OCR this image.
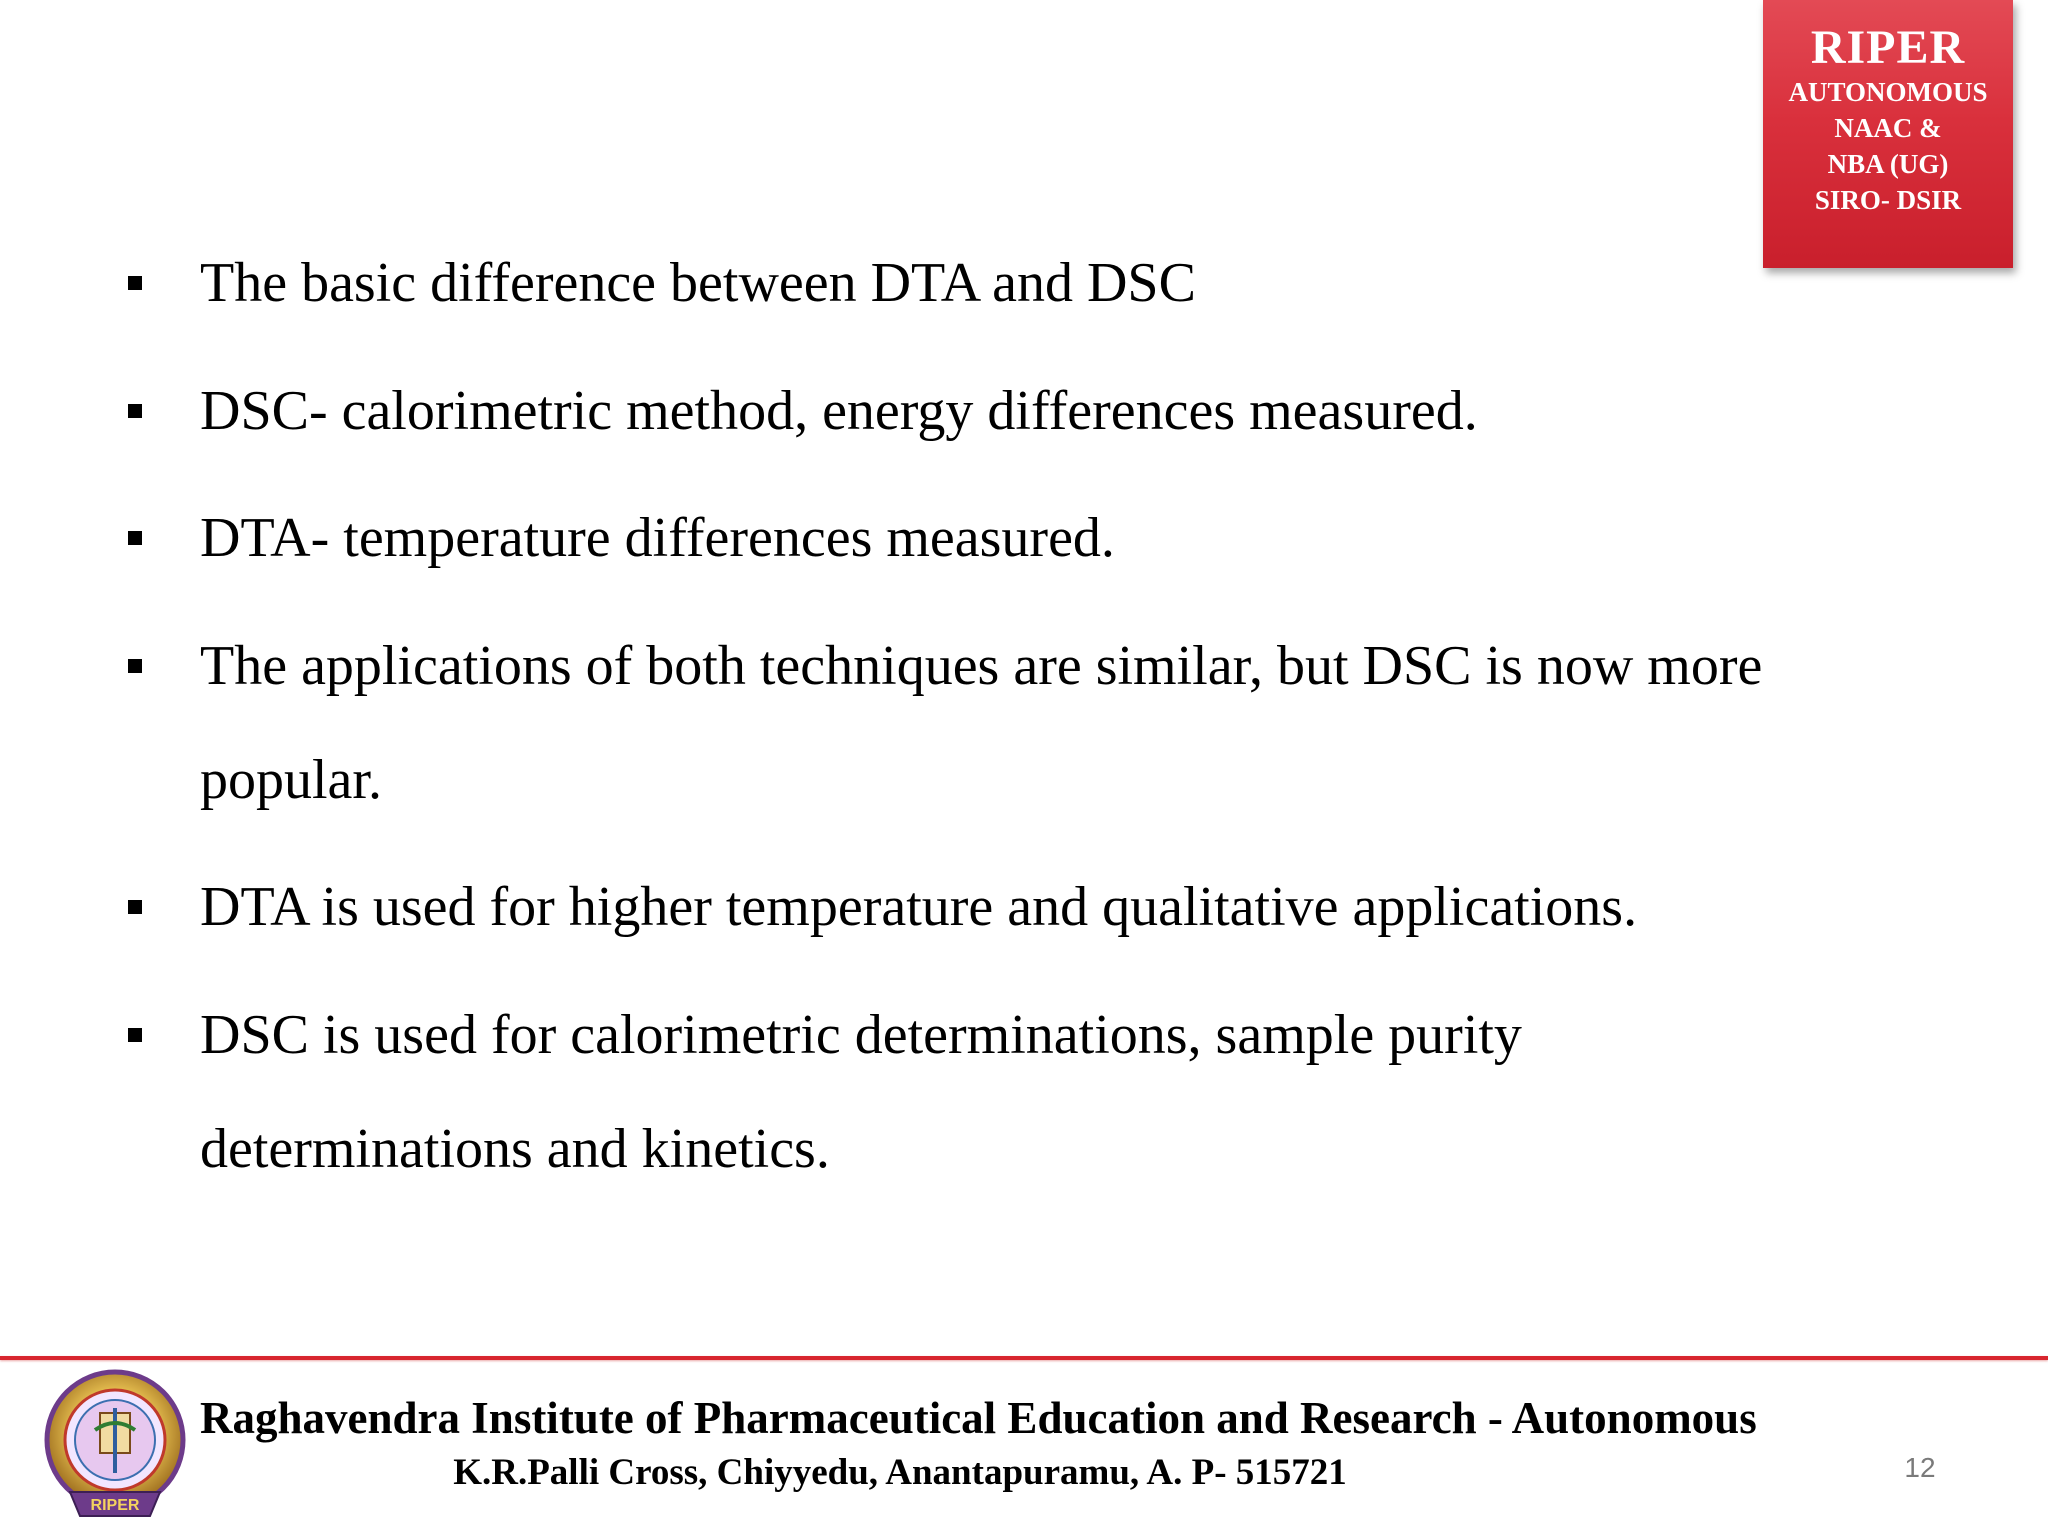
RIPER
AUTONOMOUS
NAAC &
NBA (UG)
SIRO- DSIR
The basic difference between DTA and DSC
DSC- calorimetric method, energy differences measured.
DTA- temperature differences measured.
The applications of both techniques are similar, but DSC is now more popular.
DTA is used for higher temperature and qualitative applications.
DSC is used for calorimetric determinations, sample purity determinations and kinetics.
RIPER
Raghavendra Institute of Pharmaceutical Education and Research - Autonomous
K.R.Palli Cross, Chiyyedu, Anantapuramu, A. P- 515721	12
